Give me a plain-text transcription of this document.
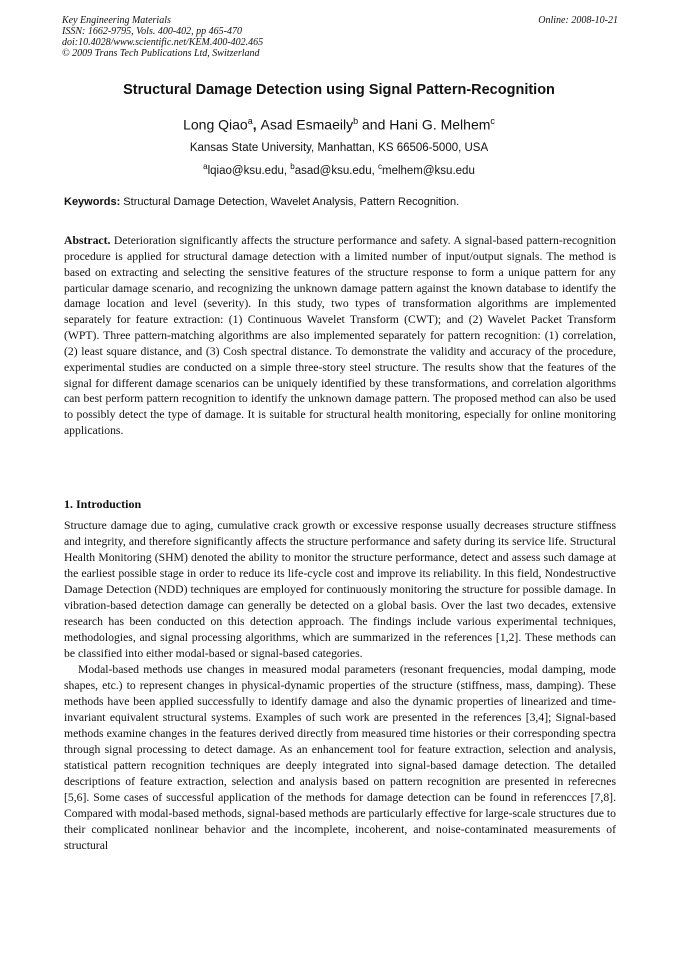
Key Engineering Materials
ISSN: 1662-9795, Vols. 400-402, pp 465-470
doi:10.4028/www.scientific.net/KEM.400-402.465
© 2009 Trans Tech Publications Ltd, Switzerland
Online: 2008-10-21
Structural Damage Detection using Signal Pattern-Recognition
Long Qiao$^a$, Asad Esmaeily$^b$ and Hani G. Melhem$^c$
Kansas State University, Manhattan, KS 66506-5000, USA
$^a$lqiao@ksu.edu, $^b$asad@ksu.edu, $^c$melhem@ksu.edu
Keywords: Structural Damage Detection, Wavelet Analysis, Pattern Recognition.

Abstract. Deterioration significantly affects the structure performance and safety. A signal-based pattern-recognition procedure is applied for structural damage detection with a limited number of input/output signals. The method is based on extracting and selecting the sensitive features of the structure response to form a unique pattern for any particular damage scenario, and recognizing the unknown damage pattern against the known database to identify the damage location and level (severity). In this study, two types of transformation algorithms are implemented separately for feature extraction: (1) Continuous Wavelet Transform (CWT); and (2) Wavelet Packet Transform (WPT). Three pattern-matching algorithms are also implemented separately for pattern recognition: (1) correlation, (2) least square distance, and (3) Cosh spectral distance. To demonstrate the validity and accuracy of the procedure, experimental studies are conducted on a simple three-story steel structure. The results show that the features of the signal for different damage scenarios can be uniquely identified by these transformations, and correlation algorithms can best perform pattern recognition to identify the unknown damage pattern. The proposed method can also be used to possibly detect the type of damage. It is suitable for structural health monitoring, especially for online monitoring applications.

1. Introduction

Structure damage due to aging, cumulative crack growth or excessive response usually decreases structure stiffness and integrity, and therefore significantly affects the structure performance and safety during its service life. Structural Health Monitoring (SHM) denoted the ability to monitor the structure performance, detect and assess such damage at the earliest possible stage in order to reduce its life-cycle cost and improve its reliability. In this field, Nondestructive Damage Detection (NDD) techniques are employed for continuously monitoring the structure for possible damage. In vibration-based detection damage can generally be detected on a global basis. Over the last two decades, extensive research has been conducted on this detection approach. The findings include various experimental techniques, methodologies, and signal processing algorithms, which are summarized in the references [1,2]. These methods can be classified into either modal-based or signal-based categories.

Modal-based methods use changes in measured modal parameters (resonant frequencies, modal damping, mode shapes, etc.) to represent changes in physical-dynamic properties of the structure (stiffness, mass, damping). These methods have been applied successfully to identify damage and also the dynamic properties of linearized and time-invariant equivalent structural systems. Examples of such work are presented in the references [3,4]; Signal-based methods examine changes in the features derived directly from measured time histories or their corresponding spectra through signal processing to detect damage. As an enhancement tool for feature extraction, selection and analysis, statistical pattern recognition techniques are deeply integrated into signal-based damage detection. The detailed descriptions of feature extraction, selection and analysis based on pattern recognition are presented in referecnes [5,6]. Some cases of successful application of the methods for damage detection can be found in referencces [7,8]. Compared with modal-based methods, signal-based methods are particularly effective for large-scale structures due to their complicated nonlinear behavior and the incomplete, incoherent, and noise-contaminated measurements of structural
